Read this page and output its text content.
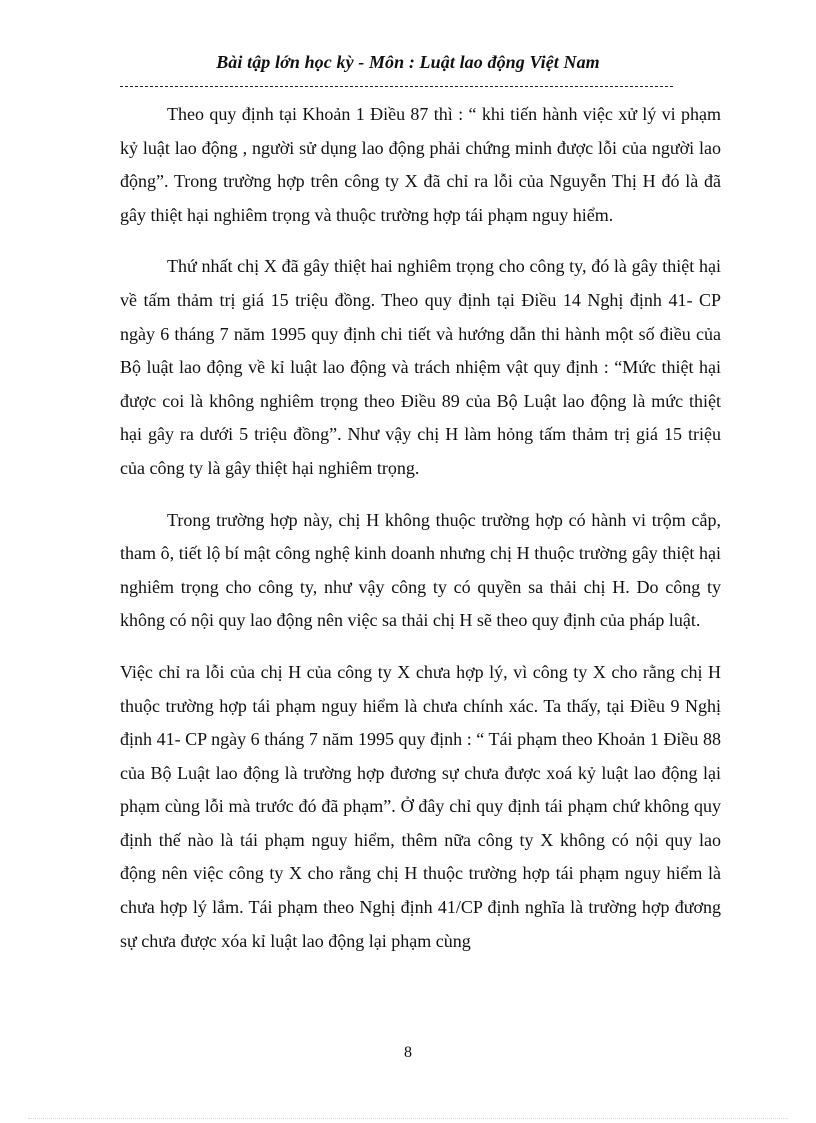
Bài tập lớn học kỳ - Môn : Luật lao động Việt Nam

Theo quy định tại Khoản 1 Điều 87 thì : “ khi tiến hành việc xử lý vi phạm kỷ luật lao động , người sử dụng lao động phải chứng minh được lỗi của người lao động”. Trong trường hợp trên công ty X đã chỉ ra lỗi của Nguyễn Thị H đó là đã gây thiệt hại nghiêm trọng và thuộc trường hợp tái phạm nguy hiểm.

Thứ nhất chị X đã gây thiệt hai nghiêm trọng cho công ty, đó là gây thiệt hại về tấm thảm trị giá 15 triệu đồng. Theo quy định tại Điều 14 Nghị định 41- CP ngày 6 tháng 7 năm 1995 quy định chi tiết và hướng dẫn thi hành một số điều của Bộ luật lao động về kỉ luật lao động và trách nhiệm vật quy định : “Mức thiệt hại được coi là không nghiêm trọng theo Điều 89 của Bộ Luật lao động là mức thiệt hại gây ra dưới 5 triệu đồng”. Như vậy chị H làm hỏng tấm thảm trị giá 15 triệu của công ty là gây thiệt hại nghiêm trọng.

Trong trường hợp này, chị H không thuộc trường hợp có hành vi trộm cắp, tham ô, tiết lộ bí mật công nghệ kinh doanh nhưng chị H thuộc trường gây thiệt hại nghiêm trọng cho công ty, như vậy công ty có quyền sa thải chị H. Do công ty không có nội quy lao động nên việc sa thải chị H sẽ theo quy định của pháp luật.

Việc chỉ ra lỗi của chị H của công ty X chưa hợp lý, vì công ty X cho rằng chị H thuộc trường hợp tái phạm nguy hiểm là chưa chính xác. Ta thấy, tại Điều 9 Nghị định 41- CP ngày 6 tháng 7 năm 1995 quy định : “ Tái phạm theo Khoản 1 Điều 88 của Bộ Luật lao động là trường hợp đương sự chưa được xoá kỷ luật lao động lại phạm cùng lỗi mà trước đó đã phạm”. Ở đây chỉ quy định tái phạm chứ không quy định thế nào là tái phạm nguy hiểm, thêm nữa công ty X không có nội quy lao động nên việc công ty X cho rằng chị H thuộc trường hợp tái phạm nguy hiểm là chưa hợp lý lắm. Tái phạm theo Nghị định 41/CP định nghĩa là trường hợp đương sự chưa được xóa kỉ luật lao động lại phạm cùng

8
